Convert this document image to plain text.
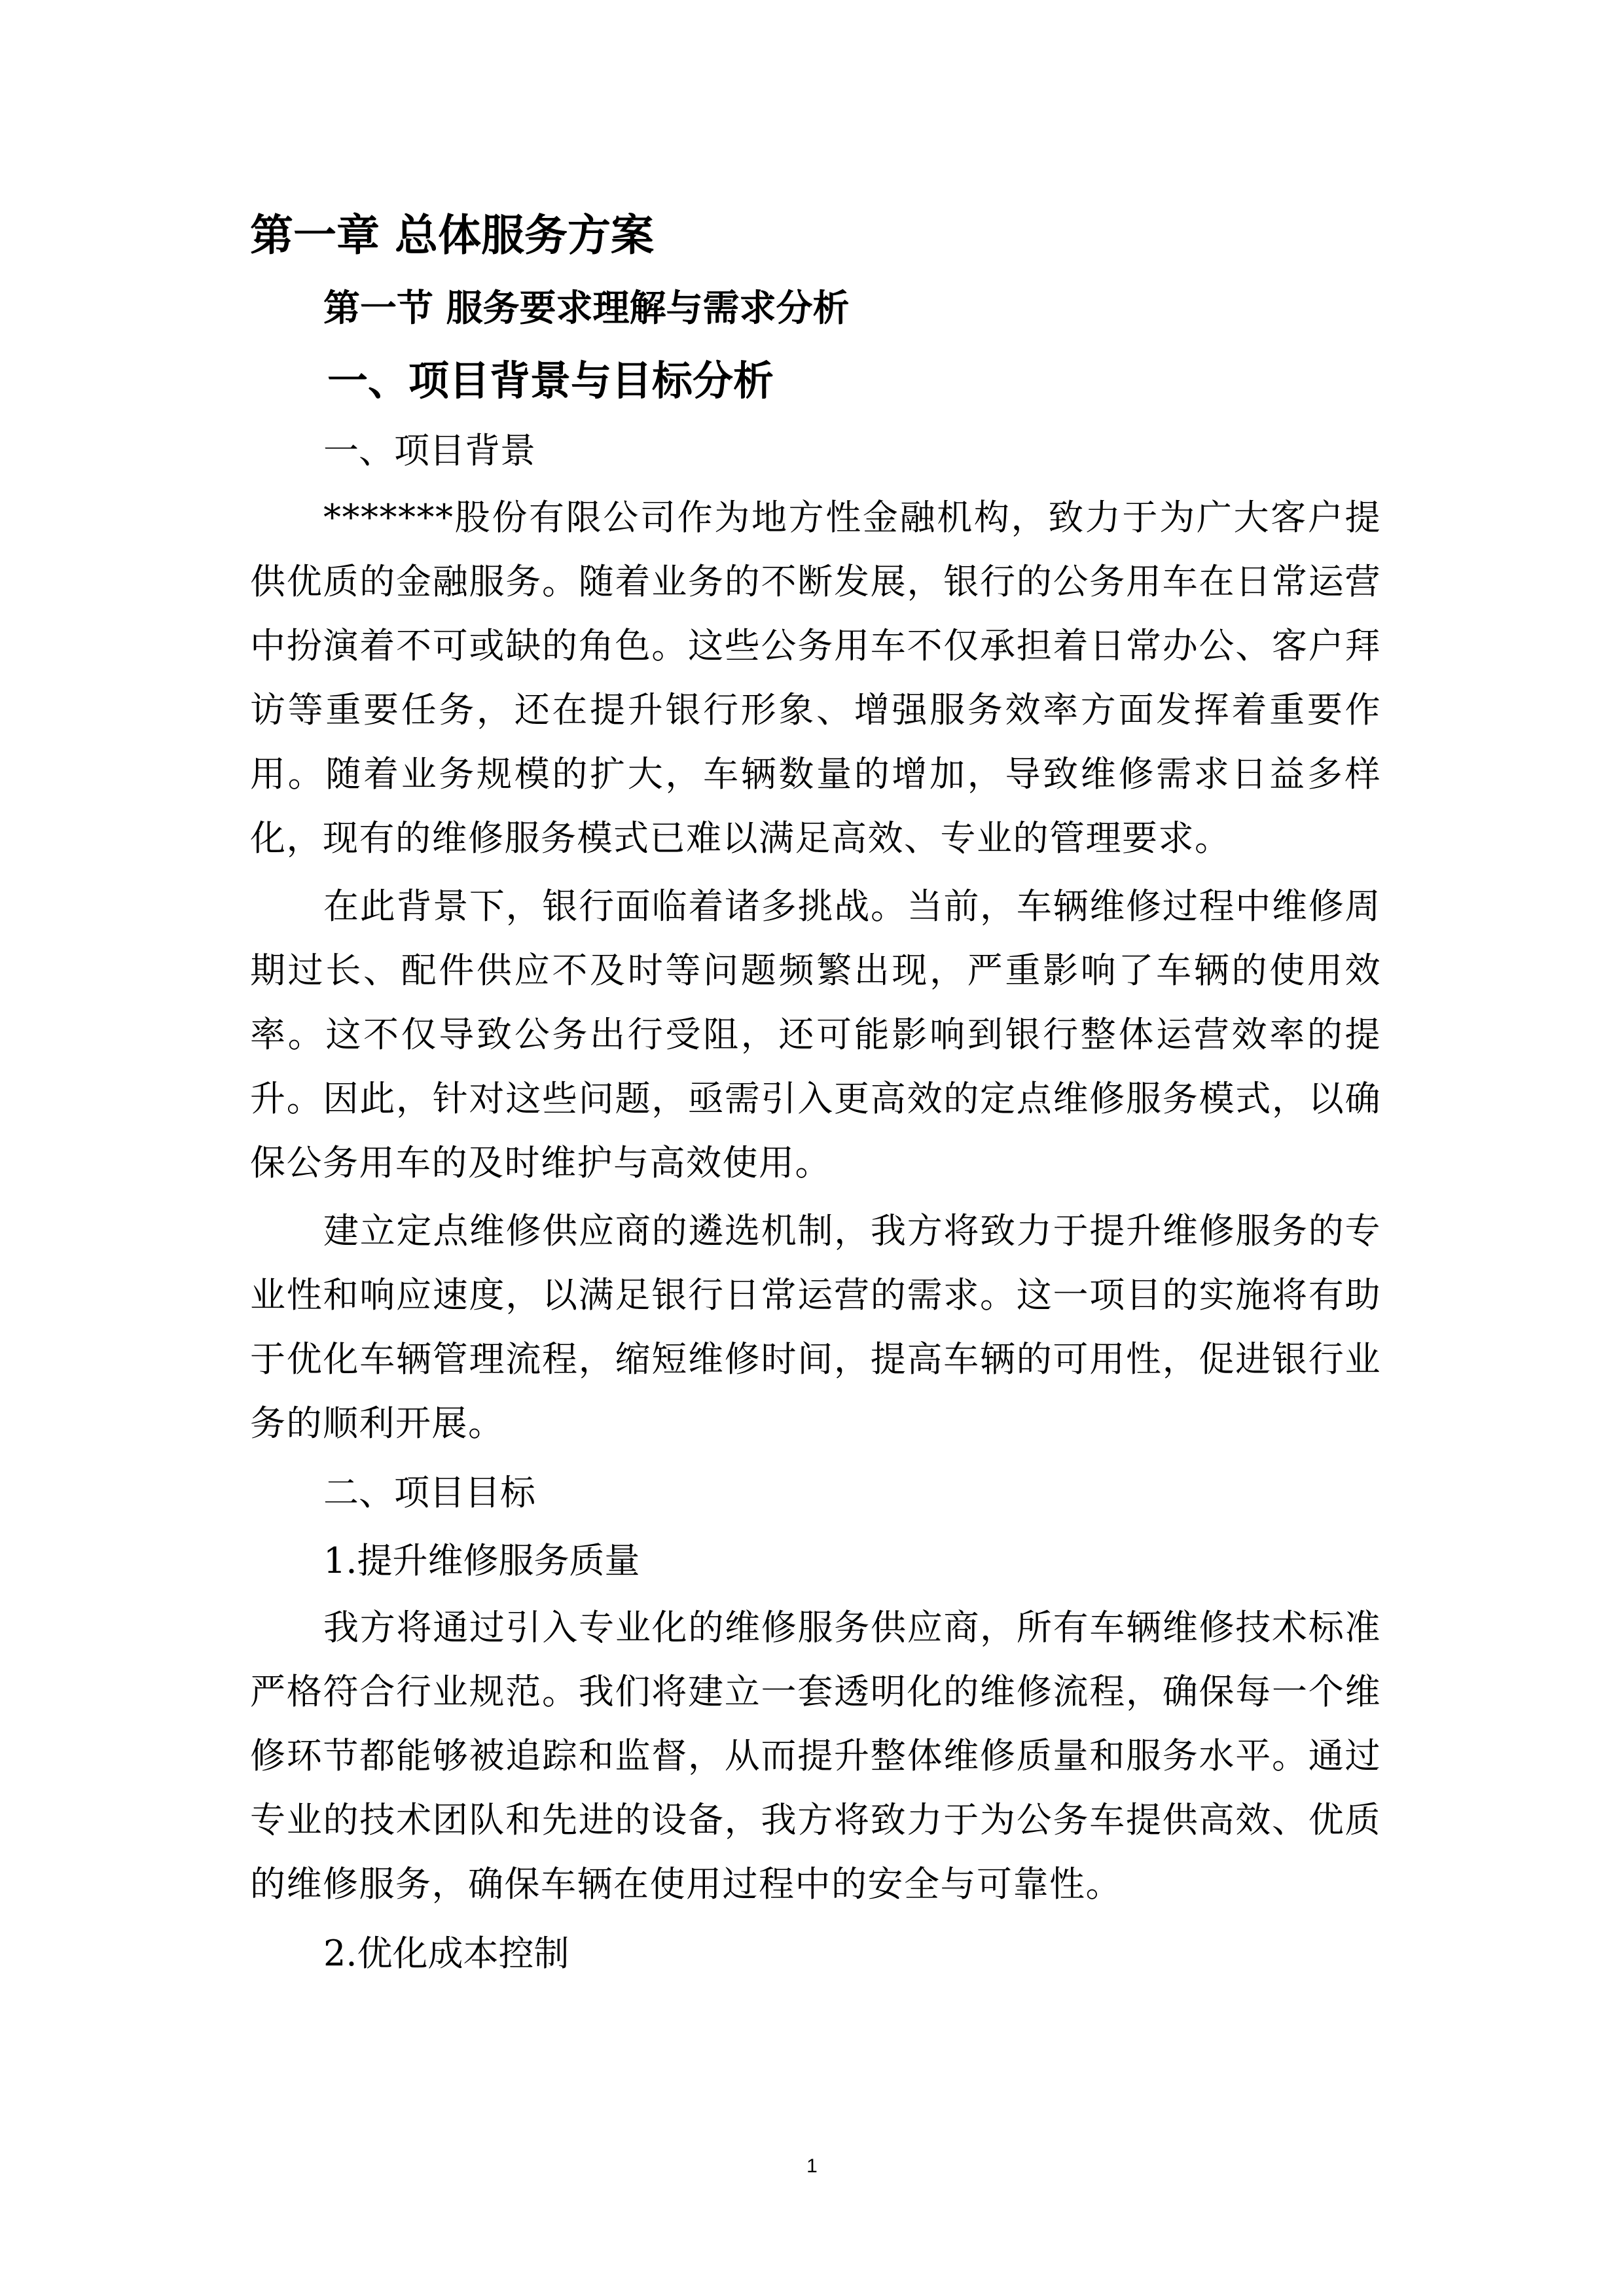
第一章 总体服务方案
第一节 服务要求理解与需求分析
一、项目背景与目标分析
一、项目背景

*******股份有限公司作为地方性金融机构，致力于为广大客户提供优质的金融服务。随着业务的不断发展，银行的公务用车在日常运营中扮演着不可或缺的角色。这些公务用车不仅承担着日常办公、客户拜访等重要任务，还在提升银行形象、增强服务效率方面发挥着重要作用。随着业务规模的扩大，车辆数量的增加，导致维修需求日益多样化，现有的维修服务模式已难以满足高效、专业的管理要求。

在此背景下，银行面临着诸多挑战。当前，车辆维修过程中维修周期过长、配件供应不及时等问题频繁出现，严重影响了车辆的使用效率。这不仅导致公务出行受阻，还可能影响到银行整体运营效率的提升。因此，针对这些问题，亟需引入更高效的定点维修服务模式，以确保公务用车的及时维护与高效使用。

建立定点维修供应商的遴选机制，我方将致力于提升维修服务的专业性和响应速度，以满足银行日常运营的需求。这一项目的实施将有助于优化车辆管理流程，缩短维修时间，提高车辆的可用性，促进银行业务的顺利开展。

二、项目目标
1.提升维修服务质量

我方将通过引入专业化的维修服务供应商，所有车辆维修技术标准严格符合行业规范。我们将建立一套透明化的维修流程，确保每一个维修环节都能够被追踪和监督，从而提升整体维修质量和服务水平。通过专业的技术团队和先进的设备，我方将致力于为公务车提供高效、优质的维修服务，确保车辆在使用过程中的安全与可靠性。

2.优化成本控制
1
